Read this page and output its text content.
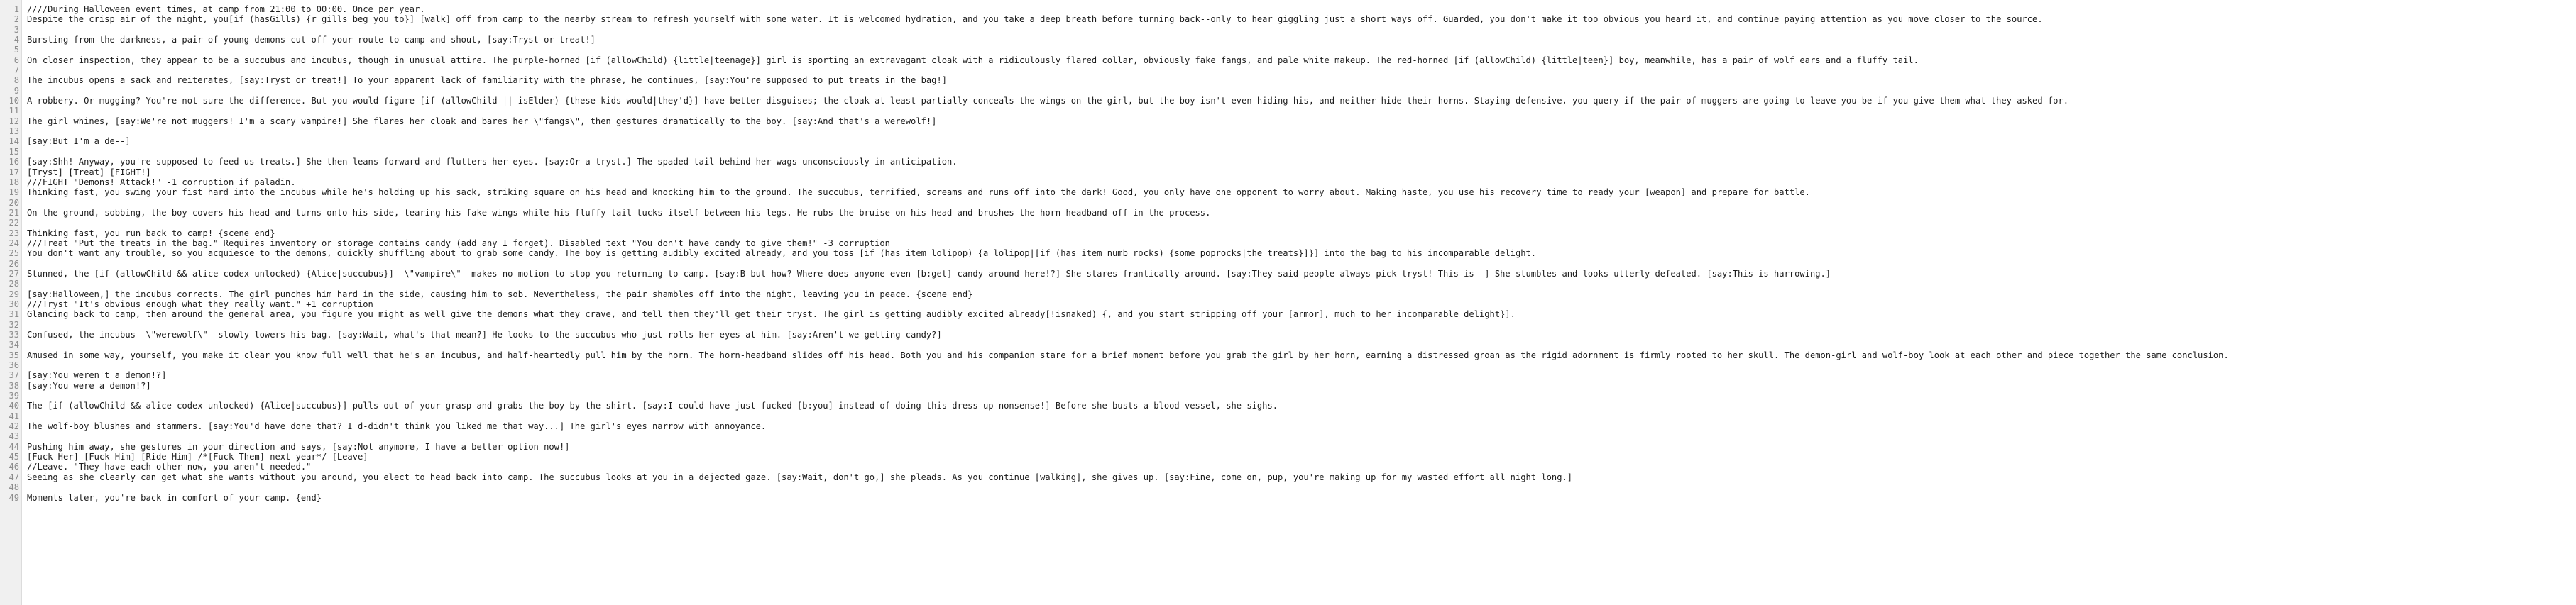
1 ////During Halloween event times, at camp from 21:00 to 00:00. Once per year.
2 Despite the crisp air of the night, you[if (hasGills) {r gills beg you to}] [walk] off from camp to the nearby stream to refresh yourself with some water. It is welcomed hydration, and you take a deep breath before turning back--only to hear giggling just a short ways off. Guarded, you don't make it too obvious you heard it, and continue paying attention as you move closer to the source.
3
4 Bursting from the darkness, a pair of young demons cut off your route to camp and shout, [say:Tryst or treat!]
5
6 On closer inspection, they appear to be a succubus and incubus, though in unusual attire. The purple-horned [if (allowChild) {little|teenage}] girl is sporting an extravagant cloak with a ridiculously flared collar, obviously fake fangs, and pale white makeup. The red-horned [if (allowChild) {little|teen}] boy, meanwhile, has a pair of wolf ears and a fluffy tail.
7
8 The incubus opens a sack and reiterates, [say:Tryst or treat!] To your apparent lack of familiarity with the phrase, he continues, [say:You're supposed to put treats in the bag!]
9
10 A robbery. Or mugging? You're not sure the difference. But you would figure [if (allowChild || isElder) {these kids would|they'd}] have better disguises; the cloak at least partially conceals the wings on the girl, but the boy isn't even hiding his, and neither hide their horns. Staying defensive, you query if the pair of muggers are going to leave you be if you give them what they asked for.
11
12 The girl whines, [say:We're not muggers! I'm a scary vampire!] She flares her cloak and bares her \"fangs\", then gestures dramatically to the boy. [say:And that's a werewolf!]
13
14 [say:But I'm a de--]
15
16 [say:Shh! Anyway, you're supposed to feed us treats.] She then leans forward and flutters her eyes. [say:Or a tryst.] The spaded tail behind her wags unconsciously in anticipation.
17 [Tryst] [Treat] [FIGHT!]
18 ///FIGHT "Demons! Attack!" -1 corruption if paladin.
19 Thinking fast, you swing your fist hard into the incubus while he's holding up his sack, striking square on his head and knocking him to the ground. The succubus, terrified, screams and runs off into the dark! Good, you only have one opponent to worry about. Making haste, you use his recovery time to ready your [weapon] and prepare for battle.
20
21 On the ground, sobbing, the boy covers his head and turns onto his side, tearing his fake wings while his fluffy tail tucks itself between his legs. He rubs the bruise on his head and brushes the horn headband off in the process.
22
23 Thinking fast, you run back to camp! {scene end}
24 ///Treat "Put the treats in the bag." Requires inventory or storage contains candy (add any I forget). Disabled text "You don't have candy to give them!" -3 corruption
25 You don't want any trouble, so you acquiesce to the demons, quickly shuffling about to grab some candy. The boy is getting audibly excited already, and you toss [if (has item lolipop) {a lolipop|[if (has item numb rocks) {some poprocks|the treats}]}] into the bag to his incomparable delight.
26
27 Stunned, the [if (allowChild && alice codex unlocked) {Alice|succubus}]--\"vampire\"--makes no motion to stop you returning to camp. [say:B-but how? Where does anyone even [b:get] candy around here!?] She stares frantically around. [say:They said people always pick tryst! This is--] She stumbles and looks utterly defeated. [say:This is harrowing.]
28
29 [say:Halloween,] the incubus corrects. The girl punches him hard in the side, causing him to sob. Nevertheless, the pair shambles off into the night, leaving you in peace. {scene end}
30 ///Tryst "It's obvious enough what they really want." +1 corruption
31 Glancing back to camp, then around the general area, you figure you might as well give the demons what they crave, and tell them they'll get their tryst. The girl is getting audibly excited already[!isnaked) {, and you start stripping off your [armor], much to her incomparable delight}].
32
33 Confused, the incubus--\"werewolf\"--slowly lowers his bag. [say:Wait, what's that mean?] He looks to the succubus who just rolls her eyes at him. [say:Aren't we getting candy?]
34
35 Amused in some way, yourself, you make it clear you know full well that he's an incubus, and half-heartedly pull him by the horn. The horn-headband slides off his head. Both you and his companion stare for a brief moment before you grab the girl by her horn, earning a distressed groan as the rigid adornment is firmly rooted to her skull. The demon-girl and wolf-boy look at each other and piece together the same conclusion.
36
37 [say:You weren't a demon!?]
38 [say:You were a demon!?]
39
40 The [if (allowChild && alice codex unlocked) {Alice|succubus}] pulls out of your grasp and grabs the boy by the shirt. [say:I could have just fucked [b:you] instead of doing this dress-up nonsense!] Before she busts a blood vessel, she sighs.
41
42 The wolf-boy blushes and stammers. [say:You'd have done that? I d-didn't think you liked me that way...] The girl's eyes narrow with annoyance.
43
44 Pushing him away, she gestures in your direction and says, [say:Not anymore, I have a better option now!]
45 [Fuck Her] [Fuck Him] [Ride Him] /*[Fuck Them] next year*/ [Leave]
46 //Leave. "They have each other now, you aren't needed."
47 Seeing as she clearly can get what she wants without you around, you elect to head back into camp. The succubus looks at you in a dejected gaze. [say:Wait, don't go,] she pleads. As you continue [walking], she gives up. [say:Fine, come on, pup, you're making up for my wasted effort all night long.]
48
49 Moments later, you're back in comfort of your camp. {end}
